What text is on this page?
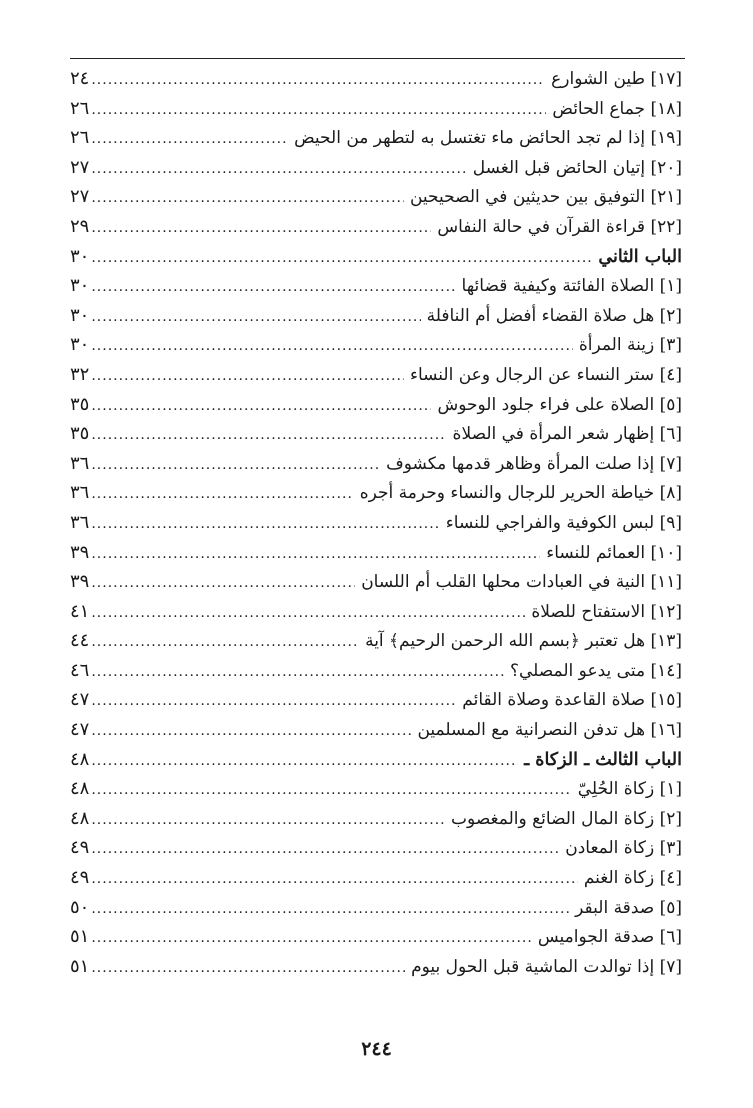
[١٧] طين الشوارع
.....
٢٤
[١٨] جماع الحائض
.....
٢٦
[١٩] إذا لم تجد الحائض ماء تغتسل به لتطهر من الحيض
.....
٢٦
[٢٠] إتيان الحائض قبل الغسل
.....
٢٧
[٢١] التوفيق بين حديثين في الصحيحين
.....
٢٧
[٢٢] قراءة القرآن في حالة النفاس
.....
٢٩
الباب الثاني
.....
٣٠
[١] الصلاة الفائتة وكيفية قضائها
.....
٣٠
[٢] هل صلاة القضاء أفضل أم النافلة
.....
٣٠
[٣] زينة المرأة
.....
٣٠
[٤] ستر النساء عن الرجال وعن النساء
.....
٣٢
[٥] الصلاة على فراء جلود الوحوش
.....
٣٥
[٦] إظهار شعر المرأة في الصلاة
.....
٣٥
[٧] إذا صلت المرأة وظاهر قدمها مكشوف
.....
٣٦
[٨] خياطة الحرير للرجال والنساء وحرمة أجره
.....
٣٦
[٩] لبس الكوفية والفراجي للنساء
.....
٣٦
[١٠] العمائم للنساء
.....
٣٩
[١١] النية في العبادات محلها القلب أم اللسان
.....
٣٩
[١٢] الاستفتاح للصلاة
.....
٤١
[١٣] هل تعتبر ﴿بسم الله الرحمن الرحيم﴾ آية
.....
٤٤
[١٤] متى يدعو المصلي؟
.....
٤٦
[١٥] صلاة القاعدة وصلاة القائم
.....
٤٧
[١٦] هل تدفن النصرانية مع المسلمين
.....
٤٧
الباب الثالث ـ الزكاة ـ
.....
٤٨
[١] زكاة الحُلِيّ
.....
٤٨
[٢] زكاة المال الضائع والمغصوب
.....
٤٨
[٣] زكاة المعادن
.....
٤٩
[٤] زكاة الغنم
.....
٤٩
[٥] صدقة البقر
.....
٥٠
[٦] صدقة الجواميس
.....
٥١
[٧] إذا توالدت الماشية قبل الحول بيوم
.....
٥١
٢٤٤
